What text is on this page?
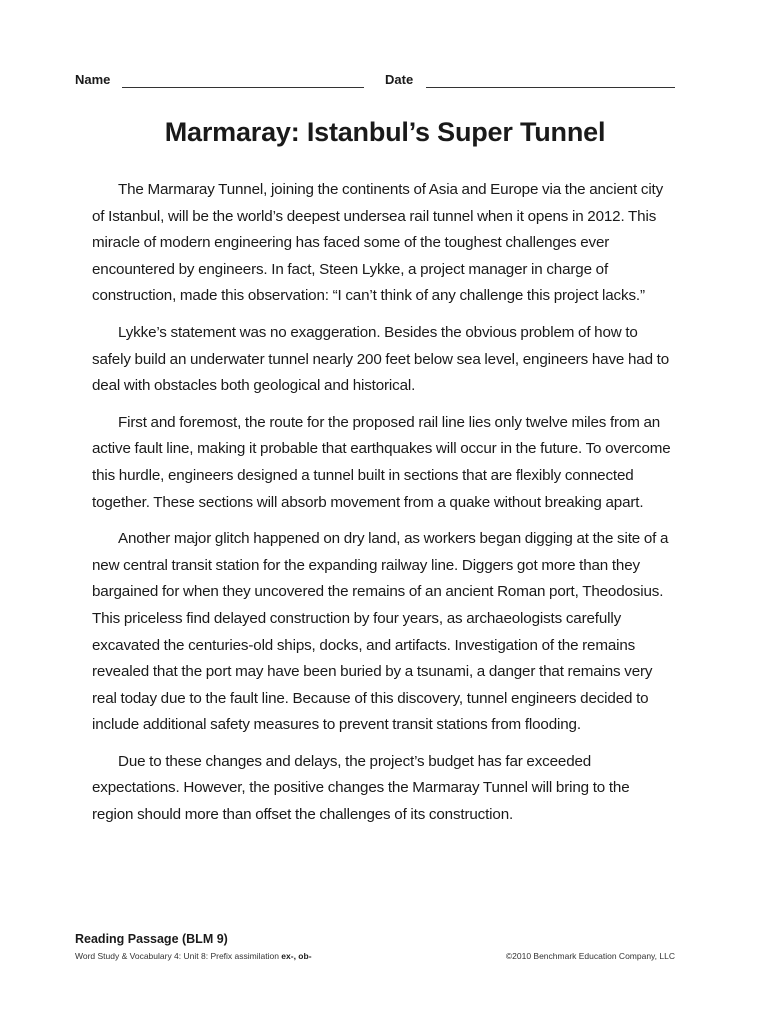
Name	Date
Marmaray: Istanbul’s Super Tunnel

The Marmaray Tunnel, joining the continents of Asia and Europe via the ancient city of Istanbul, will be the world’s deepest undersea rail tunnel when it opens in 2012. This miracle of modern engineering has faced some of the toughest challenges ever encountered by engineers. In fact, Steen Lykke, a project manager in charge of construction, made this observation: “I can’t think of any challenge this project lacks.”

Lykke’s statement was no exaggeration. Besides the obvious problem of how to safely build an underwater tunnel nearly 200 feet below sea level, engineers have had to deal with obstacles both geological and historical.

First and foremost, the route for the proposed rail line lies only twelve miles from an active fault line, making it probable that earthquakes will occur in the future. To overcome this hurdle, engineers designed a tunnel built in sections that are flexibly connected together. These sections will absorb movement from a quake without breaking apart.

Another major glitch happened on dry land, as workers began digging at the site of a new central transit station for the expanding railway line. Diggers got more than they bargained for when they uncovered the remains of an ancient Roman port, Theodosius. This priceless find delayed construction by four years, as archaeologists carefully excavated the centuries-old ships, docks, and artifacts. Investigation of the remains revealed that the port may have been buried by a tsunami, a danger that remains very real today due to the fault line. Because of this discovery, tunnel engineers decided to include additional safety measures to prevent transit stations from flooding.

Due to these changes and delays, the project’s budget has far exceeded expectations. However, the positive changes the Marmaray Tunnel will bring to the region should more than offset the challenges of its construction.

Reading Passage (BLM 9)
Word Study & Vocabulary 4: Unit 8: Prefix assimilation ex-, ob-	©2010 Benchmark Education Company, LLC
